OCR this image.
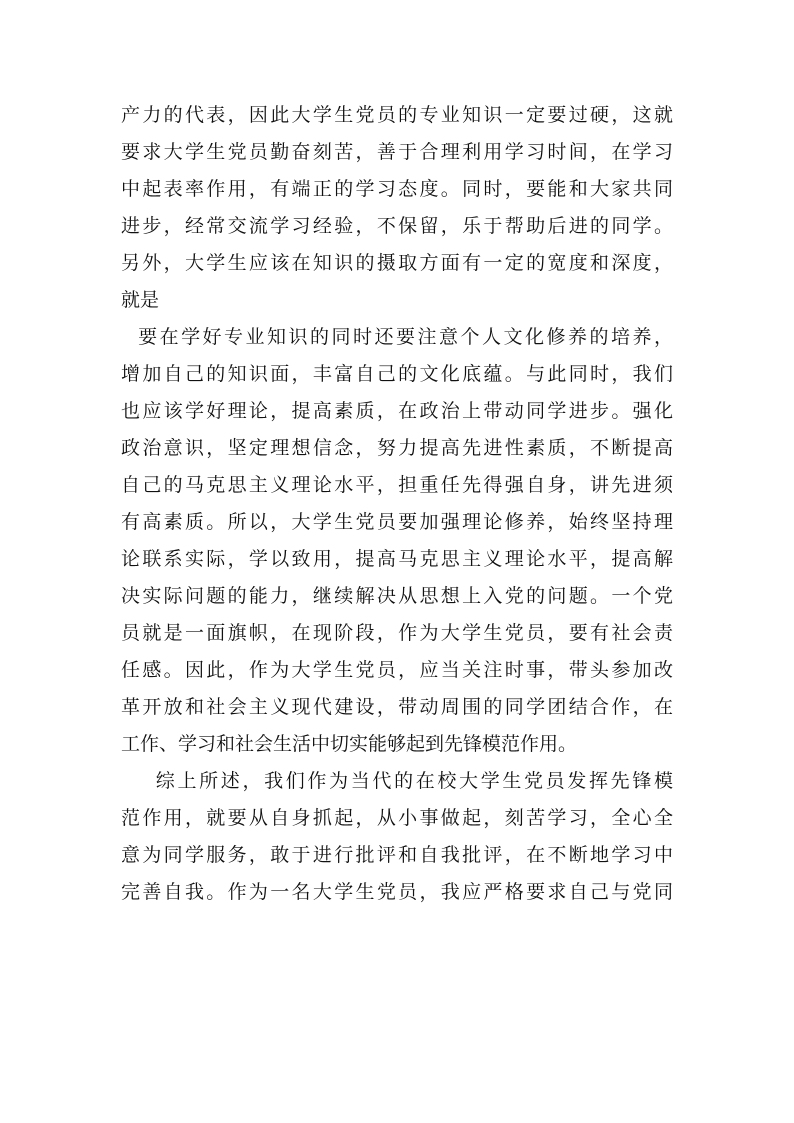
产力的代表，因此大学生党员的专业知识一定要过硬，这就
要求大学生党员勤奋刻苦，善于合理利用学习时间，在学习
中起表率作用，有端正的学习态度。同时，要能和大家共同
进步，经常交流学习经验，不保留，乐于帮助后进的同学。
另外，大学生应该在知识的摄取方面有一定的宽度和深度，
就是
要在学好专业知识的同时还要注意个人文化修养的培养，
增加自己的知识面，丰富自己的文化底蕴。与此同时，我们
也应该学好理论，提高素质，在政治上带动同学进步。强化
政治意识，坚定理想信念，努力提高先进性素质，不断提高
自己的马克思主义理论水平，担重任先得强自身，讲先进须
有高素质。所以，大学生党员要加强理论修养，始终坚持理
论联系实际，学以致用，提高马克思主义理论水平，提高解
决实际问题的能力，继续解决从思想上入党的问题。一个党
员就是一面旗帜，在现阶段，作为大学生党员，要有社会责
任感。因此，作为大学生党员，应当关注时事，带头参加改
革开放和社会主义现代建设，带动周围的同学团结合作，在
工作、学习和社会生活中切实能够起到先锋模范作用。
综上所述，我们作为当代的在校大学生党员发挥先锋模
范作用，就要从自身抓起，从小事做起，刻苦学习，全心全
意为同学服务，敢于进行批评和自我批评，在不断地学习中
完善自我。作为一名大学生党员，我应严格要求自己与党同
